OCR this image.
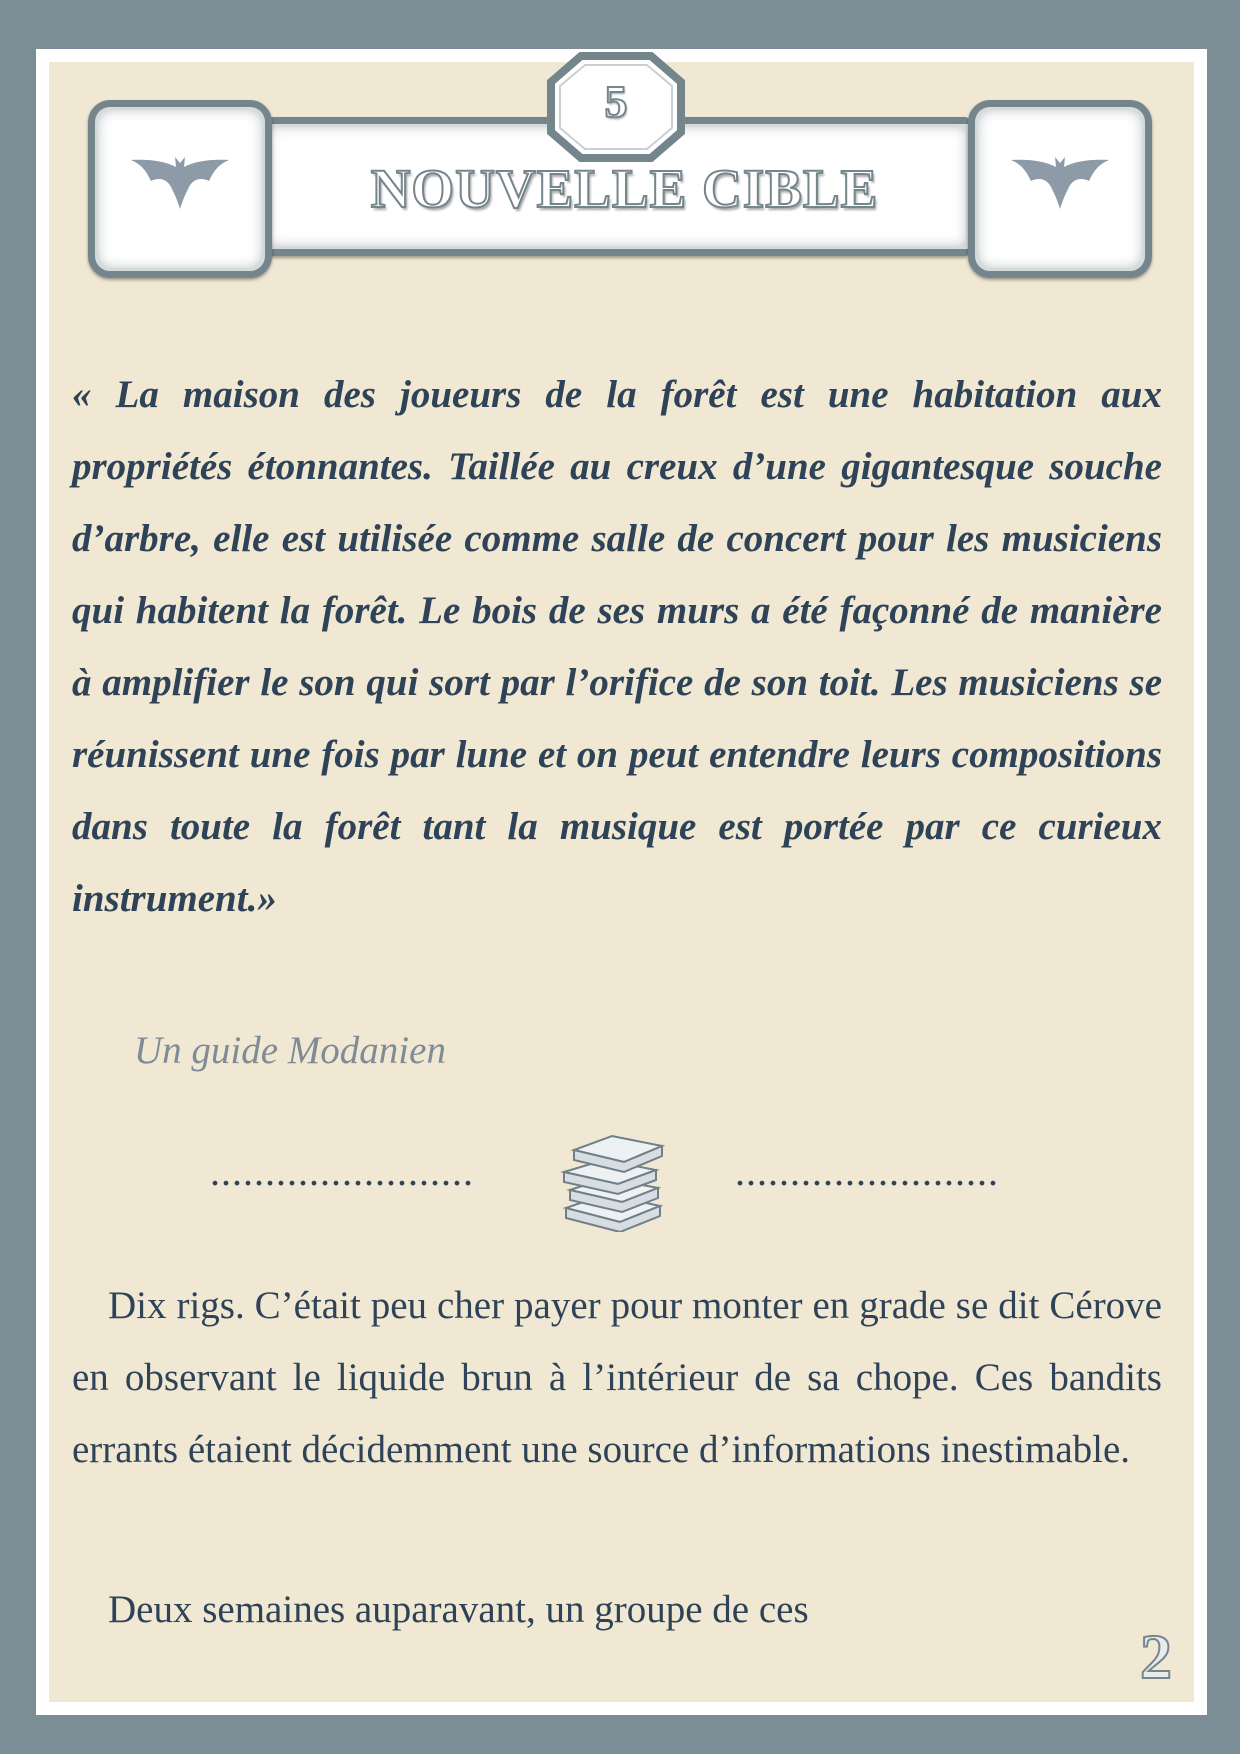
5
NOUVELLE CIBLE

« La maison des joueurs de la forêt est une habitation aux propriétés étonnantes. Taillée au creux d’une gigantesque souche d’arbre, elle est utilisée comme salle de concert pour les musiciens qui habitent la forêt. Le bois de ses murs a été façonné de manière à amplifier le son qui sort par l’orifice de son toit. Les musiciens se réunissent une fois par lune et on peut entendre leurs compositions dans toute la forêt tant la musique est portée par ce curieux instrument.»

Un guide Modanien

........................	........................

Dix rigs. C’était peu cher payer pour monter en grade se dit Cérove en observant le liquide brun à l’intérieur de sa chope. Ces bandits errants étaient décidemment une source d’informations inestimable.

Deux semaines auparavant, un groupe de ces

2
